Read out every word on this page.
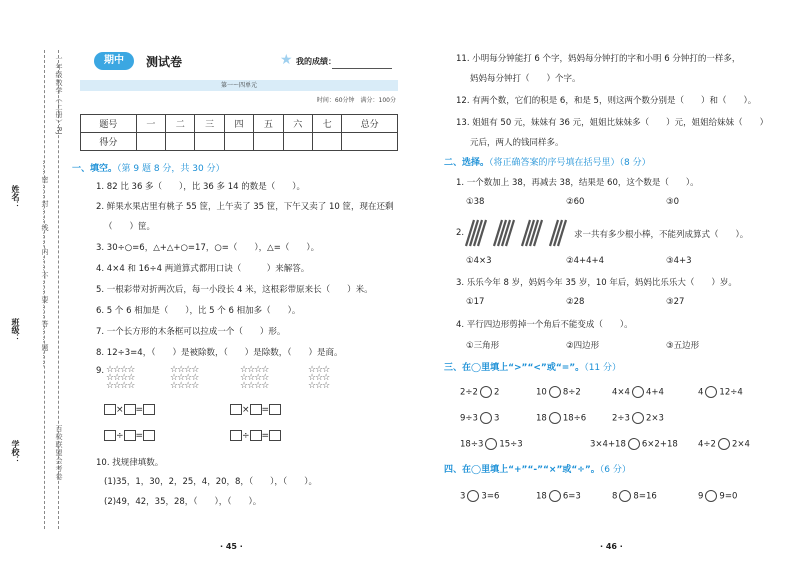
一年级数学（上册）·RJ
……密……封……线……内……不……要……答……题……
百校联盟会考卷
姓名：
班级：
学校：
期中	测试卷	★ 我的成绩：
第一～四单元
时间：60分钟　满分：100分
题号	一	二	三	四	五	六	七	总分
得分								
一、填空。（第 9 题 8 分，共 30 分）
1. 82 比 36 多（　　），比 36 多 14 的数是（　　）。
2. 鲜果水果店里有桃子 55 筐，上午卖了 35 筐，下午又卖了 10 筐，现在还剩
（　　）筐。
3. 30÷○=6，△+△+○=17，○=（　　），△=（　　）。
4. 4×4 和 16÷4 两道算式都用口诀（　　　）来解答。
5. 一根彩带对折两次后，每一小段长 4 米，这根彩带原来长（　　）米。
6. 5 个 6 相加是（　　），比 5 个 6 相加多（　　）。
7. 一个长方形的木条框可以拉成一个（　　）形。
8. 12÷3=4，（　　）是被除数，（　　）是除数，（　　）是商。
9. ☆☆☆☆
☆☆☆☆
☆☆☆☆
☆☆☆☆
☆☆☆☆
☆☆☆☆
☆☆☆☆
☆☆☆☆
☆☆☆☆
☆☆☆
☆☆☆
☆☆☆
× =	× =
÷ =	÷ =
10. 找规律填数。
(1)35，1，30，2，25，4，20，8，（　　），（　　）。
(2)49，42，35，28，（　　），（　　）。
· 45 ·
11. 小明每分钟能打 6 个字，妈妈每分钟打的字和小明 6 分钟打的一样多，
妈妈每分钟打（　　）个字。
12. 有两个数，它们的积是 6，和是 5，则这两个数分别是（　　）和（　　）。
13. 姐姐有 50 元，妹妹有 36 元，姐姐比妹妹多（　　）元，姐姐给妹妹（　　）
元后，两人的钱同样多。
二、选择。（将正确答案的序号填在括号里）（8 分）
1. 一个数加上 38，再减去 38，结果是 60，这个数是（　　）。
①38	②60	③0
2.	求一共有多少根小棒，不能列成算式（　　）。
①4×3	②4+4+4	③4+3
3. 乐乐今年 8 岁，妈妈今年 35 岁，10 年后，妈妈比乐乐大（　　）岁。
①17	②28	③27
4. 平行四边形剪掉一个角后不能变成（　　）。
①三角形	②四边形	③五边形
三、在◯里填上“>”“<”或“=”。（11 分）
2÷2 2	10 8÷2	4×4 4+4	4 12÷4
9÷3 3	18 18÷6	2÷3 2×3
18÷3 15÷3	3×4+18 6×2+18 4÷2 2×4
四、在◯里填上“+”“-”“×”或“÷”。（6 分）
3 3=6	18 6=3	8 8=16	9 9=0
· 46 ·
